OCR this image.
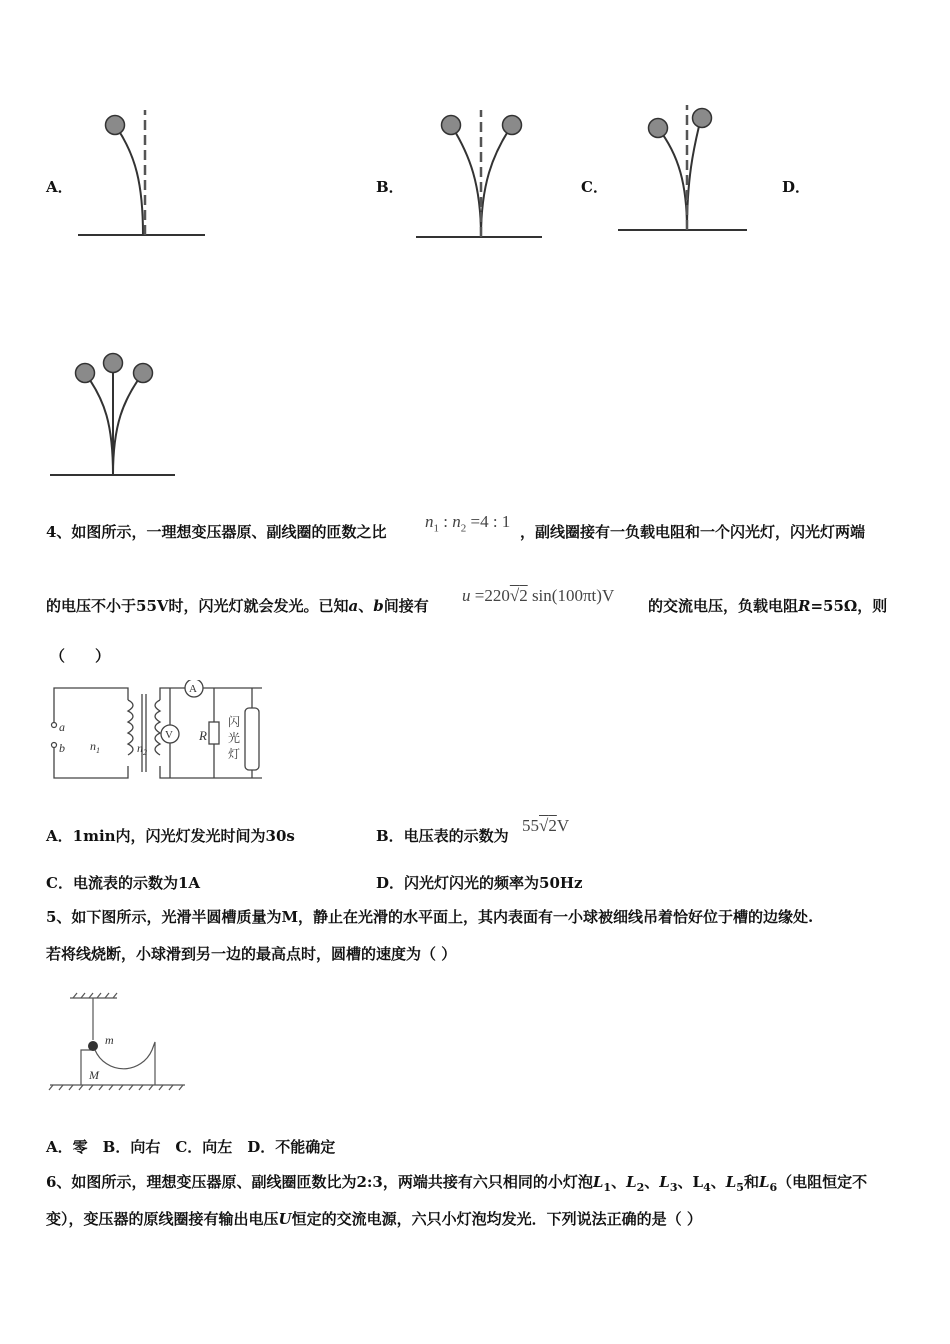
A．	B．	C．	D．
4、如图所示，一理想变压器原、副线圈的匝数之比
$n_1$ : $n_2 =4$ : 1
，副线圈接有一负载电阻和一个闪光灯，闪光灯两端
的电压不小于55V时，闪光灯就会发光。已知a、b间接有
u =220√2 sin(100πt)V
的交流电压，负载电阻R=55Ω，则
（　　）
a
b $n_1$	$n_2$
A
V R
闪
光
灯
A．1min内，闪光灯发光时间为30s	B．电压表的示数为
55√2V
C．电流表的示数为1A	D．闪光灯闪光的频率为50Hz
5、如下图所示，光滑半圆槽质量为M，静止在光滑的水平面上，其内表面有一小球被细线吊着恰好位于槽的边缘处.
若将线烧断，小球滑到另一边的最高点时，圆槽的速度为（ ）
m
M
A．零　B．向右　C．向左　D．不能确定
6、如图所示，理想变压器原、副线圈匝数比为2:3，两端共接有六只相同的小灯泡$L_1$、$L_2$、$L_3$、$L_4$、$L_5$和$L_6$（电阻恒定不
变），变压器的原线圈接有输出电压U恒定的交流电源，六只小灯泡均发光．下列说法正确的是（ ）
